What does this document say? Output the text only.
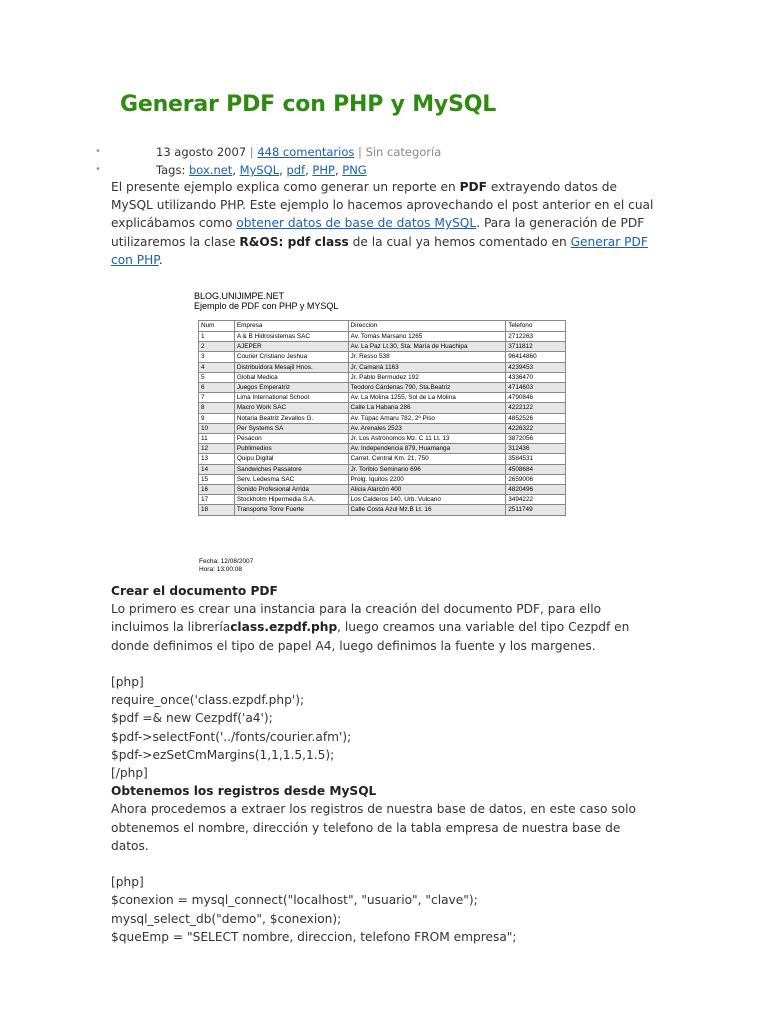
Generar PDF con PHP y MySQL
•	13 agosto 2007 | 448 comentarios | Sin categoría
•	Tags: box.net, MySQL, pdf, PHP, PNG

El presente ejemplo explica como generar un reporte en PDF extrayendo datos de MySQL utilizando PHP. Este ejemplo lo hacemos aprovechando el post anterior en el cual explicábamos como obtener datos de base de datos MySQL. Para la generación de PDF utilizaremos la clase R&OS: pdf class de la cual ya hemos comentado en Generar PDF con PHP.

BLOG.UNIJIMPE.NET
Ejemplo de PDF con PHP y MYSQL
Num	Empresa	Direccion	Telefono
1	A & B Hidrosistemas SAC	Av. Tomás Marsano 1265	2712263
2	AJEPER	Av. La Paz Lt.30, Sta. María de Huachipa	3711812
3	Courier Cristiano Jeshua	Jr. Resso 538	96414860
4	Distribuidora Mesajil Hnos.	Jr. Camaná 1163	4239453
5	Global Medica	Jr. Pablo Bermudez 192	4336470
6	Juegos Emperatriz	Teodoro Cárdenas 790, Sta.Beatriz	4714603
7	Lima International School	Av. La Molina 1255, Sol de La Molina	4790846
8	Macro Work SAC	Calle La Habana 286	4222122
9	Notaria Beatriz Zevallos G.	Av. Túpac Amaru 782, 2º Piso	4852526
10	Per Systems SA	Av. Arenales 2523	4226322
11	Pesacon	Jr. Los Astrónomos Mz. C 11 Lt. 13	3872056
12	Publimedios	Av. Independencia 879, Huamanga	312436
13	Quipu Digital	Carret. Central Km. 21, 750	3584531
14	Sandwiches Passatore	Jr. Toribio Seminario 696	4508684
15	Serv. Ledesma SAC	Prolg. Iquitos 2200	2659006
16	Sonido Profesional Arrida	Alicia Alarcón 400	4820496
17	Stockholm Hipermedia S.A.	Los Calderos 140, Urb. Vulcano	3494222
18	Transporte Torre Fuerte	Calle Costa Azul Mz.B Lt. 16	2511749
Fecha: 12/08/2007
Hora: 13:00:08

Crear el documento PDF

Lo primero es crear una instancia para la creación del documento PDF, para ello incluimos la libreríaclass.ezpdf.php, luego creamos una variable del tipo Cezpdf en donde definimos el tipo de papel A4, luego definimos la fuente y los margenes.

[php]

require_once('class.ezpdf.php');

$pdf =& new Cezpdf('a4');

$pdf->selectFont('../fonts/courier.afm');

$pdf->ezSetCmMargins(1,1,1.5,1.5);

[/php]

Obtenemos los registros desde MySQL

Ahora procedemos a extraer los registros de nuestra base de datos, en este caso solo obtenemos el nombre, dirección y telefono de la tabla empresa de nuestra base de datos.

[php]

$conexion = mysql_connect("localhost", "usuario", "clave");

mysql_select_db("demo", $conexion);

$queEmp = "SELECT nombre, direccion, telefono FROM empresa";
